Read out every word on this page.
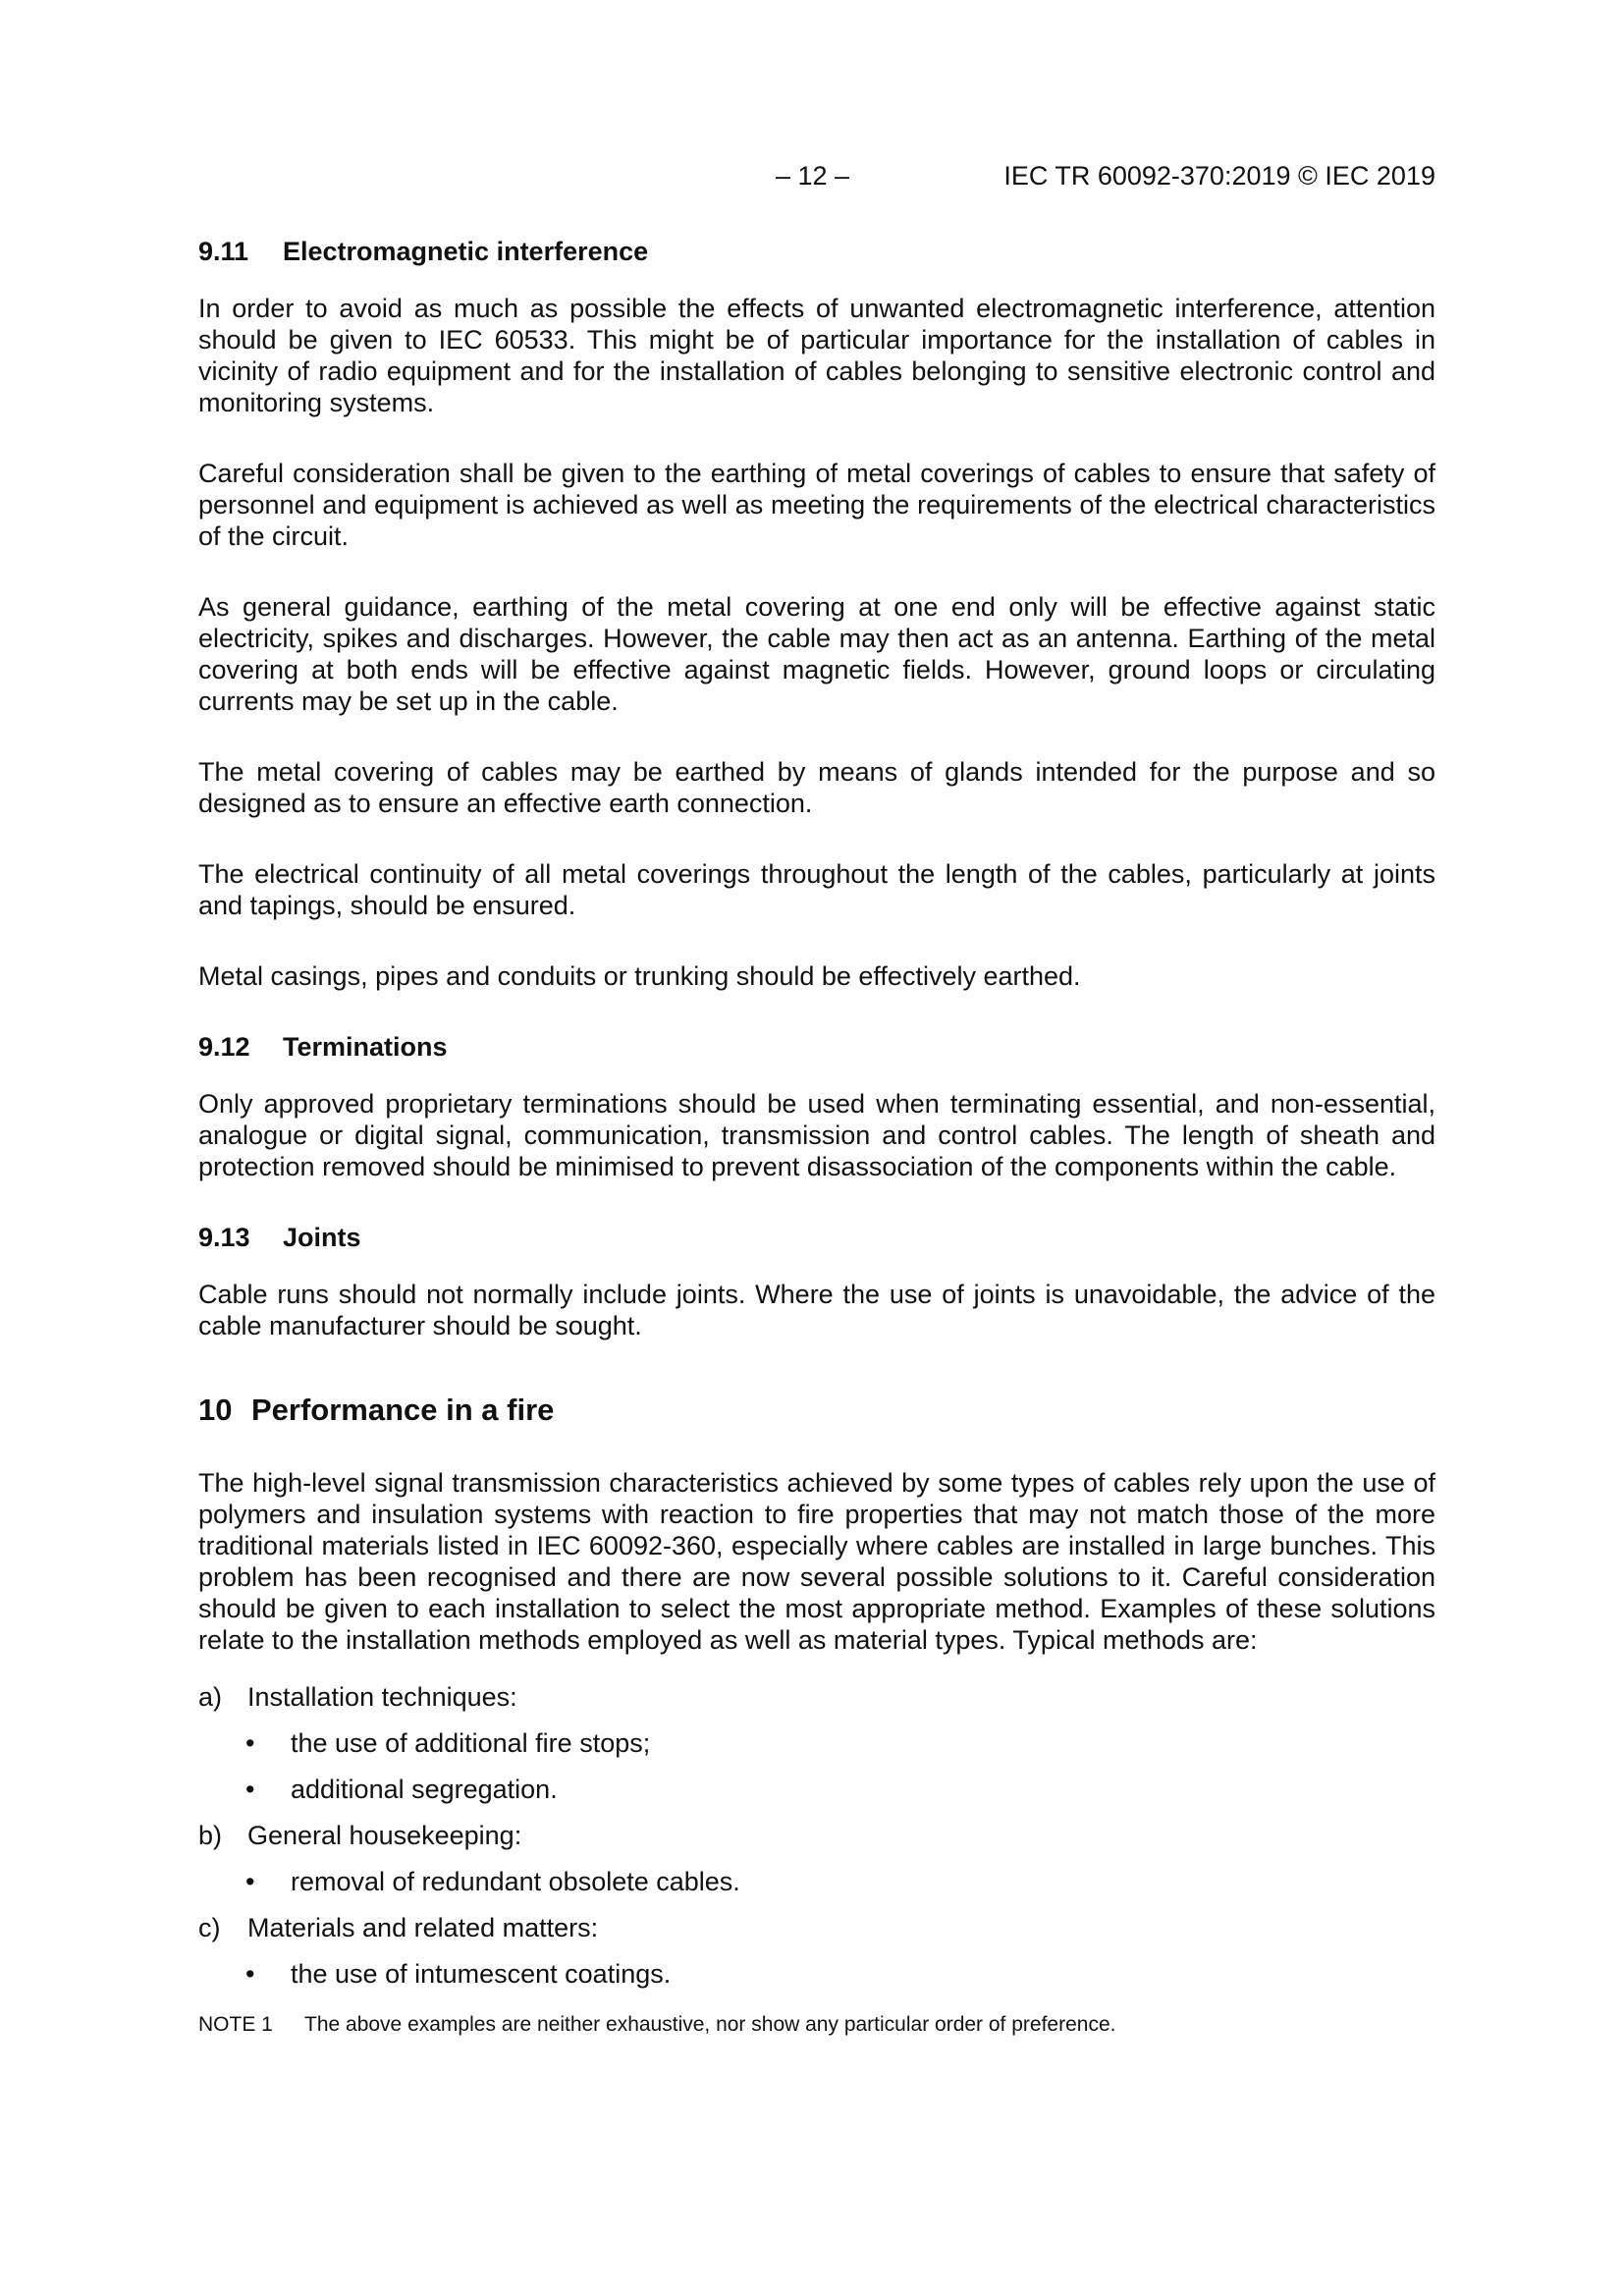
– 12 –	IEC TR 60092-370:2019 © IEC 2019
9.11 Electromagnetic interference

In order to avoid as much as possible the effects of unwanted electromagnetic interference, attention should be given to IEC 60533. This might be of particular importance for the installation of cables in vicinity of radio equipment and for the installation of cables belonging to sensitive electronic control and monitoring systems.

Careful consideration shall be given to the earthing of metal coverings of cables to ensure that safety of personnel and equipment is achieved as well as meeting the requirements of the electrical characteristics of the circuit.

As general guidance, earthing of the metal covering at one end only will be effective against static electricity, spikes and discharges. However, the cable may then act as an antenna. Earthing of the metal covering at both ends will be effective against magnetic fields. However, ground loops or circulating currents may be set up in the cable.

The metal covering of cables may be earthed by means of glands intended for the purpose and so designed as to ensure an effective earth connection.

The electrical continuity of all metal coverings throughout the length of the cables, particularly at joints and tapings, should be ensured.

Metal casings, pipes and conduits or trunking should be effectively earthed.

9.12 Terminations

Only approved proprietary terminations should be used when terminating essential, and non-essential, analogue or digital signal, communication, transmission and control cables. The length of sheath and protection removed should be minimised to prevent disassociation of the components within the cable.

9.13 Joints

Cable runs should not normally include joints. Where the use of joints is unavoidable, the advice of the cable manufacturer should be sought.

10 Performance in a fire

The high-level signal transmission characteristics achieved by some types of cables rely upon the use of polymers and insulation systems with reaction to fire properties that may not match those of the more traditional materials listed in IEC 60092-360, especially where cables are installed in large bunches. This problem has been recognised and there are now several possible solutions to it. Careful consideration should be given to each installation to select the most appropriate method. Examples of these solutions relate to the installation methods employed as well as material types. Typical methods are:

a) Installation techniques:
• the use of additional fire stops;
• additional segregation.
b) General housekeeping:
• removal of redundant obsolete cables.
c) Materials and related matters:
• the use of intumescent coatings.
NOTE 1 The above examples are neither exhaustive, nor show any particular order of preference.
